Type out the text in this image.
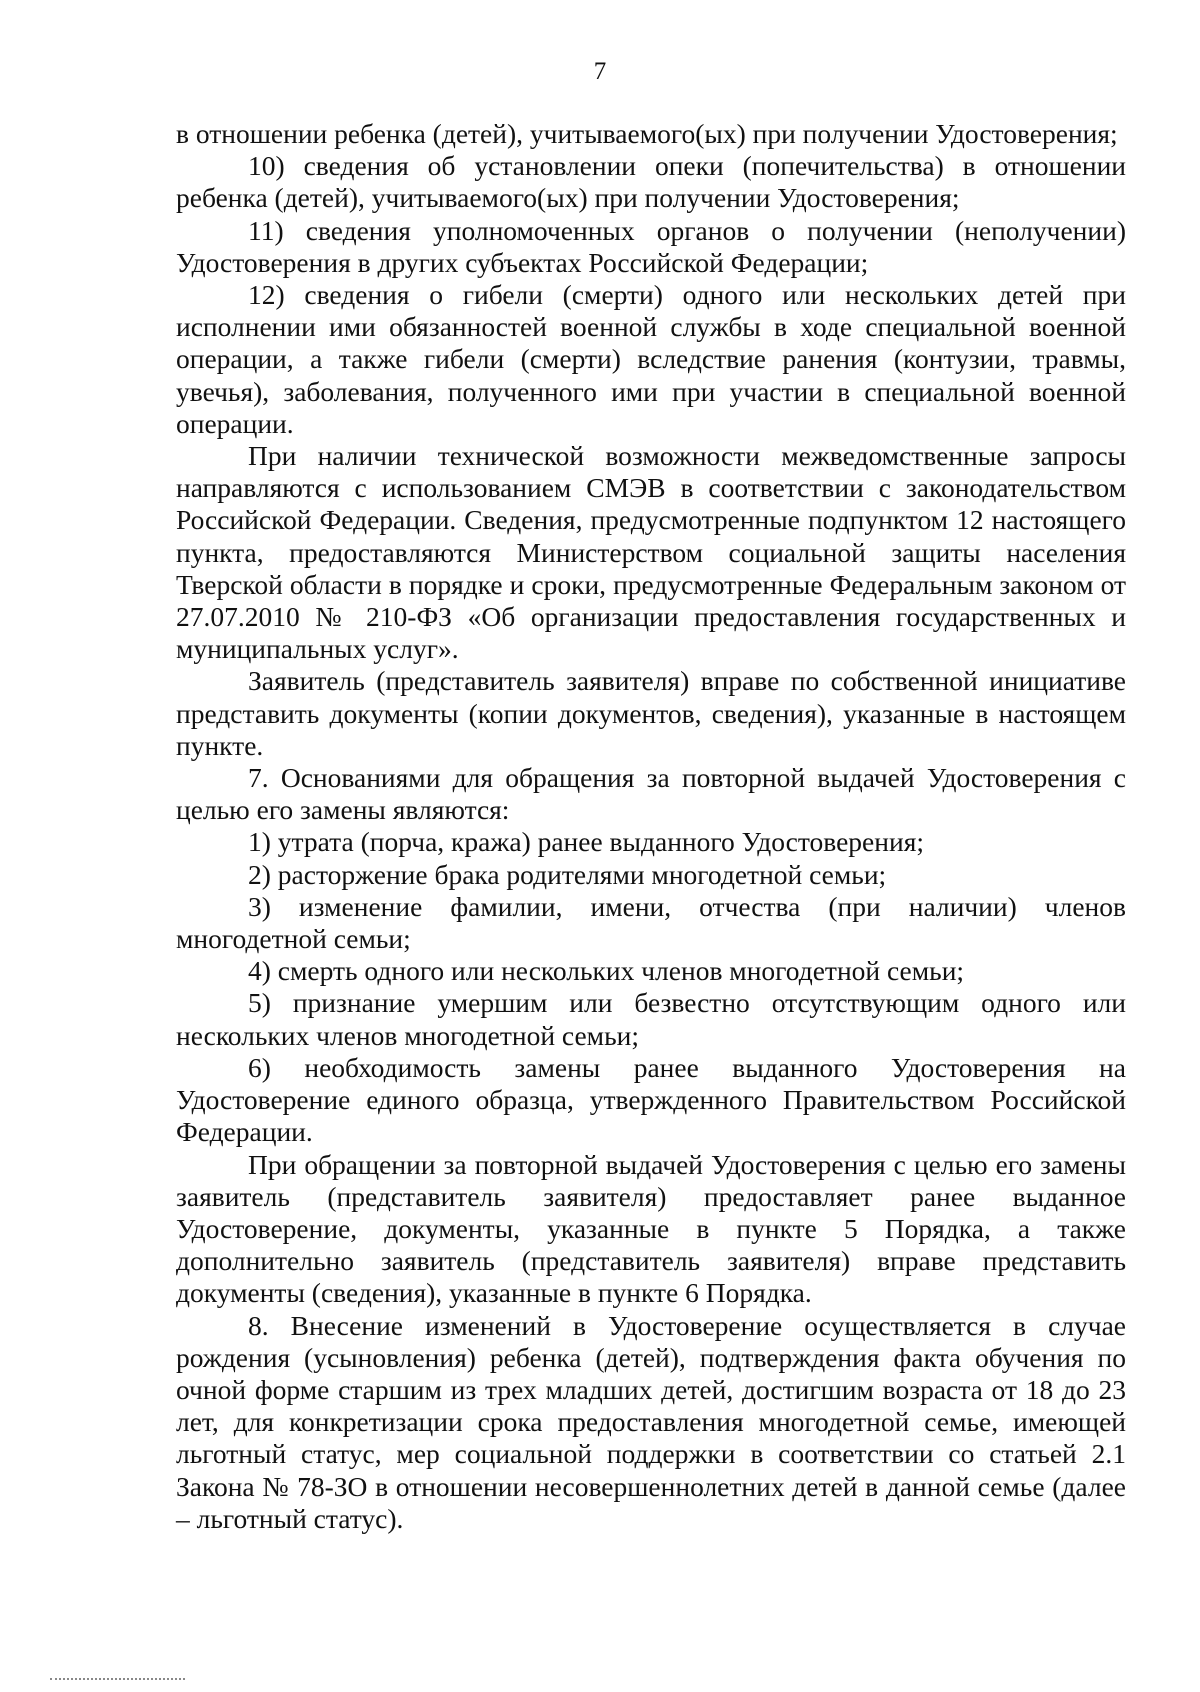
7

в отношении ребенка (детей), учитываемого(ых) при получении Удостоверения;

10) сведения об установлении опеки (попечительства) в отношении ребенка (детей), учитываемого(ых) при получении Удостоверения;

11) сведения уполномоченных органов о получении (неполучении) Удостоверения в других субъектах Российской Федерации;

12) сведения о гибели (смерти) одного или нескольких детей при исполнении ими обязанностей военной службы в ходе специальной военной операции, а также гибели (смерти) вследствие ранения (контузии, травмы, увечья), заболевания, полученного ими при участии в специальной военной операции.

При наличии технической возможности межведомственные запросы направляются с использованием СМЭВ в соответствии с законодательством Российской Федерации. Сведения, предусмотренные подпунктом 12 настоящего пункта, предоставляются Министерством социальной защиты населения Тверской области в порядке и сроки, предусмотренные Федеральным законом от 27.07.2010 № 210-ФЗ «Об организации предоставления государственных и муниципальных услуг».

Заявитель (представитель заявителя) вправе по собственной инициативе представить документы (копии документов, сведения), указанные в настоящем пункте.

7. Основаниями для обращения за повторной выдачей Удостоверения с целью его замены являются:

1) утрата (порча, кража) ранее выданного Удостоверения;

2) расторжение брака родителями многодетной семьи;

3) изменение фамилии, имени, отчества (при наличии) членов многодетной семьи;

4) смерть одного или нескольких членов многодетной семьи;

5) признание умершим или безвестно отсутствующим одного или нескольких членов многодетной семьи;

6) необходимость замены ранее выданного Удостоверения на Удостоверение единого образца, утвержденного Правительством Российской Федерации.

При обращении за повторной выдачей Удостоверения с целью его замены заявитель (представитель заявителя) предоставляет ранее выданное Удостоверение, документы, указанные в пункте 5 Порядка, а также дополнительно заявитель (представитель заявителя) вправе представить документы (сведения), указанные в пункте 6 Порядка.

8. Внесение изменений в Удостоверение осуществляется в случае рождения (усыновления) ребенка (детей), подтверждения факта обучения по очной форме старшим из трех младших детей, достигшим возраста от 18 до 23 лет, для конкретизации срока предоставления многодетной семье, имеющей льготный статус, мер социальной поддержки в соответствии со статьей 2.1 Закона № 78-ЗО в отношении несовершеннолетних детей в данной семье (далее – льготный статус).
